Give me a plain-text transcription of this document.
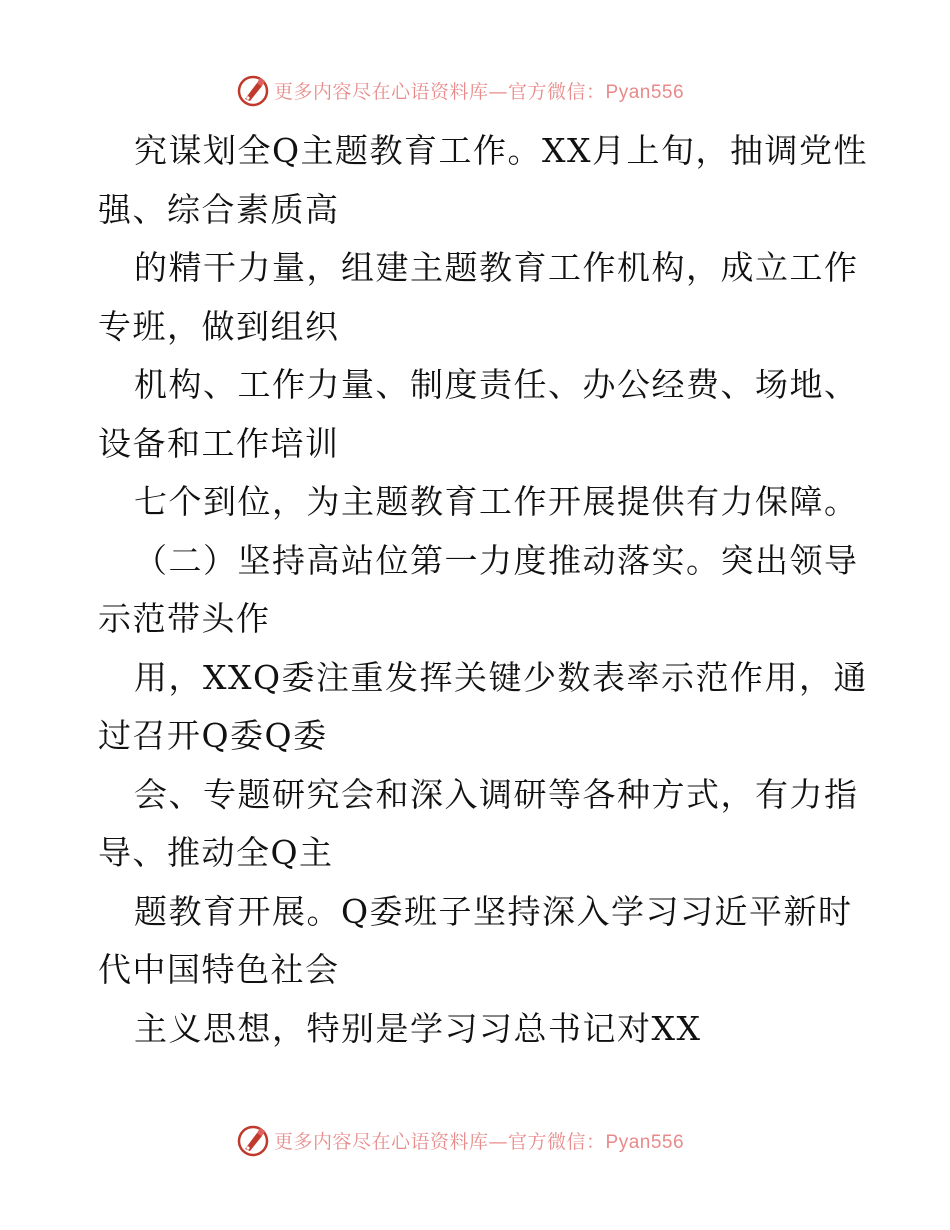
更多内容尽在心语资料库—官方微信：Pyan556
究谋划全Q主题教育工作。XX月上旬，抽调党性
强、综合素质高
的精干力量，组建主题教育工作机构，成立工作
专班，做到组织
机构、工作力量、制度责任、办公经费、场地、
设备和工作培训
七个到位，为主题教育工作开展提供有力保障。
（二）坚持高站位第一力度推动落实。突出领导
示范带头作
用，XXQ委注重发挥关键少数表率示范作用，通
过召开Q委Q委
会、专题研究会和深入调研等各种方式，有力指
导、推动全Q主
题教育开展。Q委班子坚持深入学习习近平新时
代中国特色社会
主义思想，特别是学习习总书记对XX
更多内容尽在心语资料库—官方微信：Pyan556
